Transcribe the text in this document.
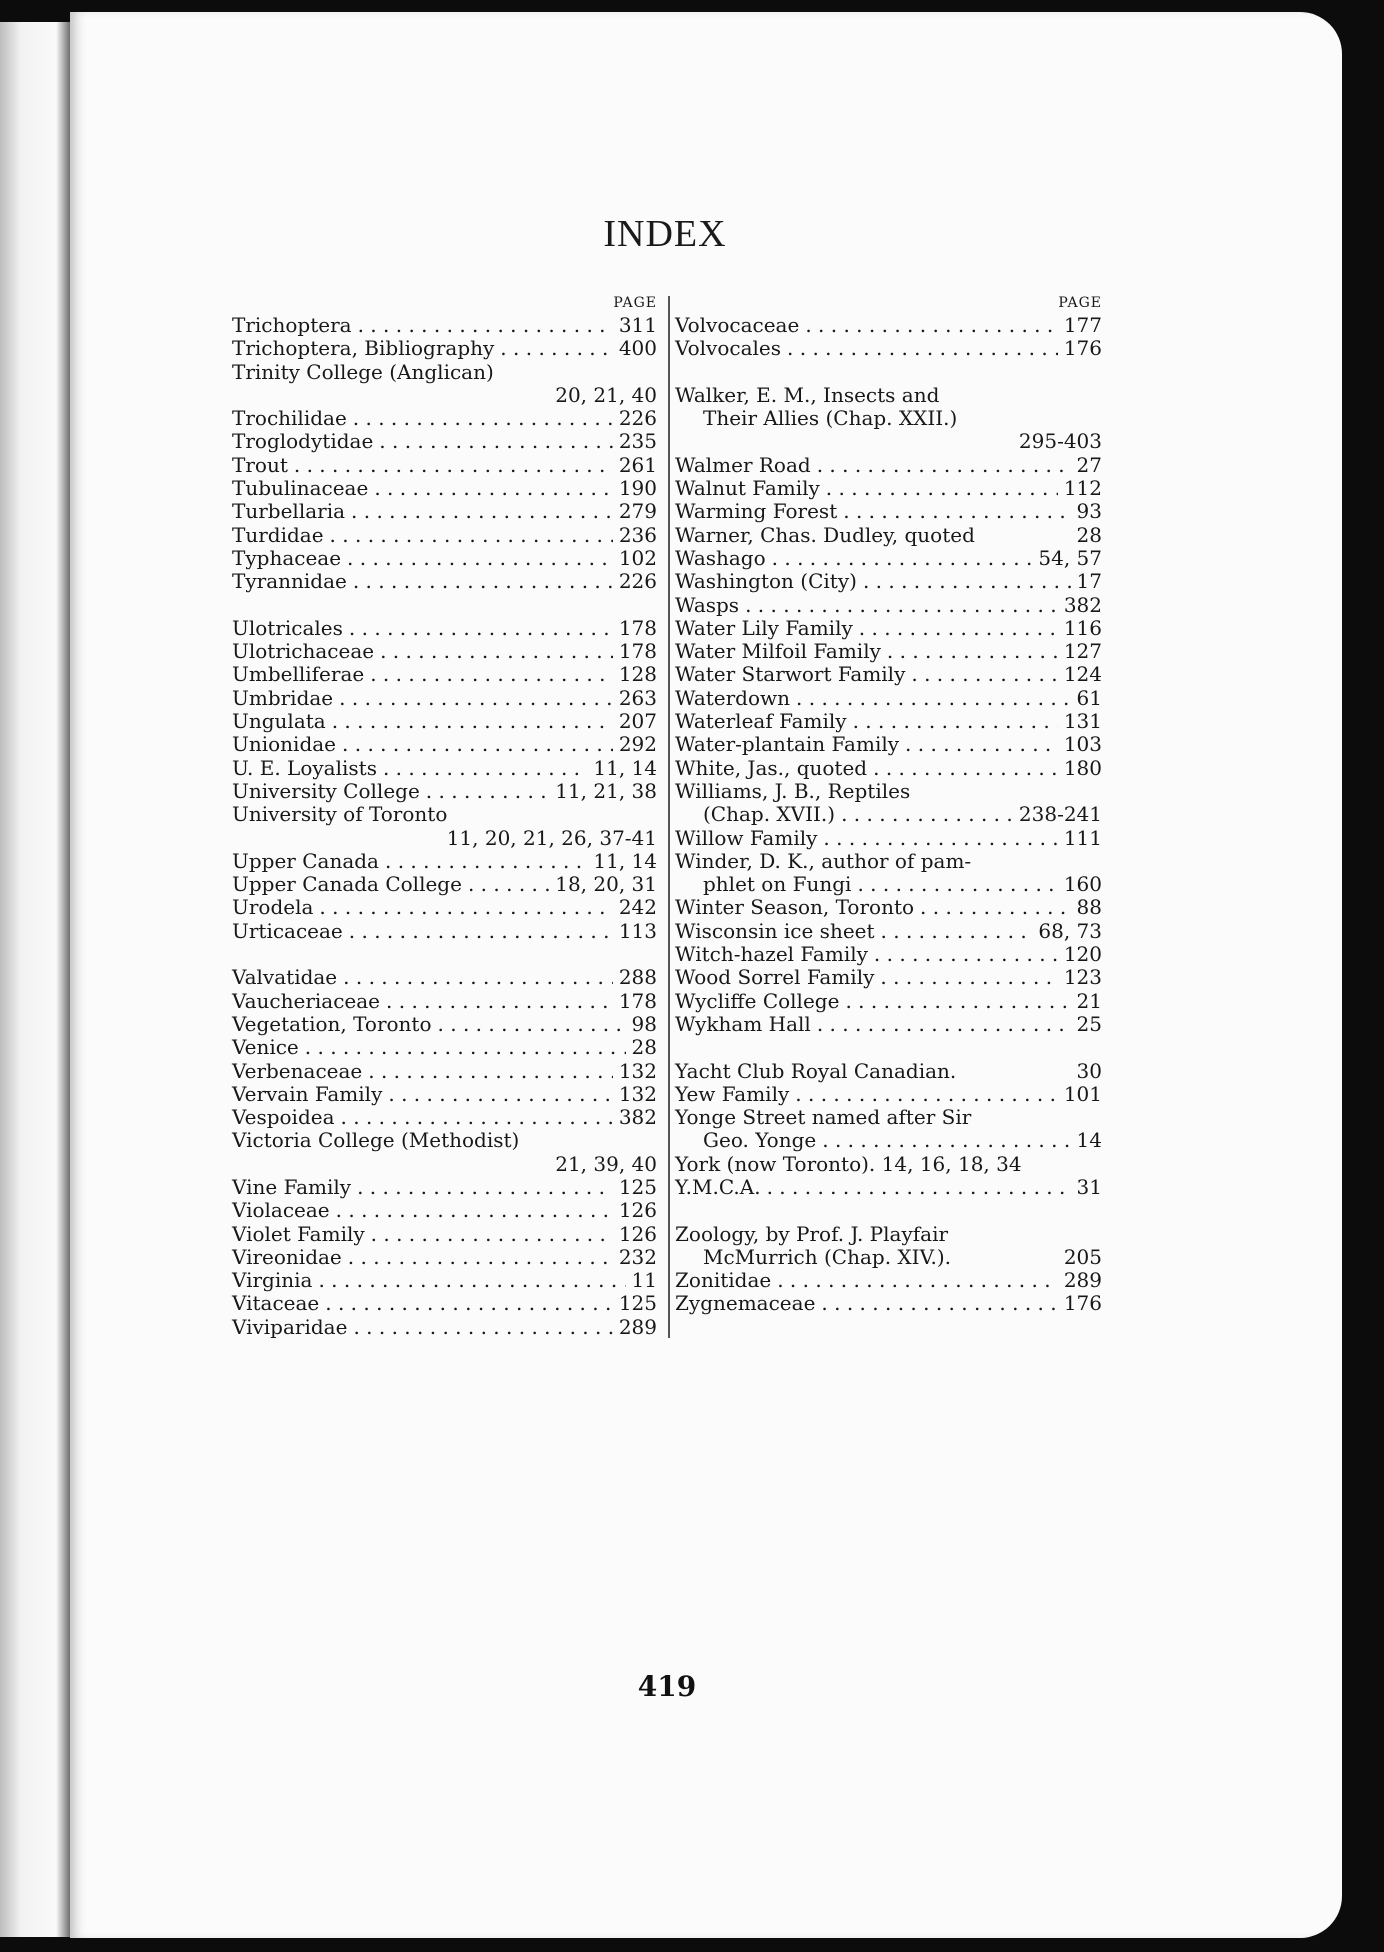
INDEX
PAGE
Trichoptera . . .	311
Trichoptera, Bibliography . . .	400
Trinity College (Anglican)
20, 21, 40
Trochilidae . . .	226
Troglodytidae . . .	235
Trout . . .	261
Tubulinaceae . . .	190
Turbellaria . . .	279
Turdidae . . .	236
Typhaceae . . .	102
Tyrannidae . . .	226
Ulotricales . . .	178
Ulotrichaceae . . .	178
Umbelliferae . . .	128
Umbridae . . .	263
Ungulata . . .	207
Unionidae . . .	292
U. E. Loyalists . . .	11, 14
University College . . .	11, 21, 38
University of Toronto
11, 20, 21, 26, 37-41
Upper Canada . . .	11, 14
Upper Canada College . . .	18, 20, 31
Urodela . . .	242
Urticaceae . . .	113
Valvatidae . . .	288
Vaucheriaceae . . .	178
Vegetation, Toronto . . .	98
Venice . . .	28
Verbenaceae . . .	132
Vervain Family . . .	132
Vespoidea . . .	382
Victoria College (Methodist)
21, 39, 40
Vine Family . . .	125
Violaceae . . .	126
Violet Family . . .	126
Vireonidae . . .	232
Virginia . . .	11
Vitaceae . . .	125
Viviparidae . . .	289
PAGE
Volvocaceae . . .	177
Volvocales . . .	176
Walker, E. M., Insects and
Their Allies (Chap. XXII.)
295-403
Walmer Road . . .	27
Walnut Family . . .	112
Warming Forest . . .	93
Warner, Chas. Dudley, quoted	28
Washago . . .	54, 57
Washington (City) . . .	17
Wasps . . .	382
Water Lily Family . . .	116
Water Milfoil Family . . .	127
Water Starwort Family . . .	124
Waterdown . . .	61
Waterleaf Family . . .	131
Water-plantain Family . . .	103
White, Jas., quoted . . .	180
Williams, J. B., Reptiles
(Chap. XVII.) . . .	238-241
Willow Family . . .	111
Winder, D. K., author of pam-
phlet on Fungi . . .	160
Winter Season, Toronto . . .	88
Wisconsin ice sheet . . .	68, 73
Witch-hazel Family . . .	120
Wood Sorrel Family . . .	123
Wycliffe College . . .	21
Wykham Hall . . .	25
Yacht Club Royal Canadian.	30
Yew Family . . .	101
Yonge Street named after Sir
Geo. Yonge . . .	14
York (now Toronto). 14, 16, 18, 34
Y.M.C.A. . . .	31
Zoology, by Prof. J. Playfair
McMurrich (Chap. XIV.).	205
Zonitidae . . .	289
Zygnemaceae . . .	176
419
